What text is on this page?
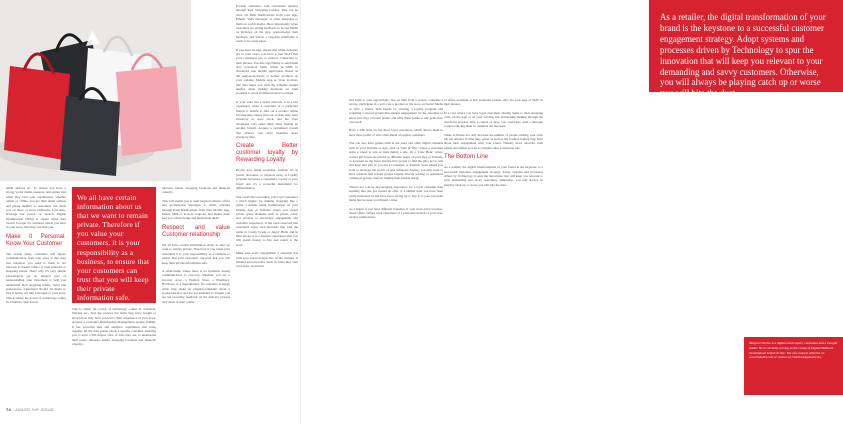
email address etc. To ensure you have a strong Social media presence and ensure that when they visit your organisation, whether online or offline, you get their email address and phone number so customers can reach you on these or those platforms. Lets Also, leverage the power of Search Engine Optimisation (SEO) to ensure when they Search 'Google' for solutions which you have in your store, then they can find you.

Make it Personal. Know Your Customer

The reason many customers will ignore communication from your store is that they feel whatever you send to them is not relevant. It doesn't reflect or their interests or shopping habits. That's why it's very simple (Automated) yet an integral part of understanding your customers to help you understand their shopping habits, tastes and preferences. Customers should be made to feel at home, not like a stranger to your store. This is where the power of technology comes in. Chatbots, WeChat etc.

We all have certain information about us that we want to remain private. Therefore if you value your customers, it is your responsibility as a business, to ensure that your customers can trust that you will keep their private information safe.

This is where the power of technology comes in. Chatbots, WeChat etc., then the reviews the items they have bought or shown how they have reacted to their experience in your store. Acquire a Customer Relationship Management system (CRM). It has powerful data and analytics capabilities that bring together all the data points about a specific customer enabling you to have a 360 degree view of who they are, to understand their tastes, interests, habits, shopping locations and financial capacity.

interests, habits, shopping locations and financial capacity.

This will enable you to send targeted adverts, offers and promotional messages to them, whether through Push Notifications from Your Mobile App, Email, SMS or in-store coupons, that makes them feel you acknowledge and understand them.

Respect and value Customer relationship

We all have certain information about us that we want to remain private. Therefore if you value your customers it is your responsibility as a business to ensure that your customers can trust that you will keep their private information safe.

A relationship where there is no feedback during communication is one-way. Whether you are a Grocery store, a Fashion Store, a Pharmacy, Hardware or a Supermarket. No customer is happy when they make an enquiry/complaint about a product/service and are not attended to. Ensure you are not receiving feedback on the delivery process and status of their orders.

Provide customers with convenient updates through their Shopping Journey. This can be done via Push Notifications from your App, Emails, SMS messages or other messages to them on social media. More importantly when customers are giving feedback on Social Media on Reviews on the App, acknowledge their feedback and follow a response timeframe it needs to be acted upon.

If you have an App, ensure that when customer get to your store, you have a free Wi-Fi that your customers use to interact connection to their phones. Use this opportunity to send them Any download items online in SMS to download your mobile application. Based on the use(Geolocation) to deliver products on your website, Mobile App or Store location, this data helps you with the valuable insight needed when making decisions on what products to stock in different store locations.

If your store has a brand network, it is a bad experience when a customer of a particular branch is unable to find out a product online because they cannot find out on their they were inventory so store stock, and the store attendants can't assist them when finding an another branch. Acquire a centralised system that ensures your store branches share inventory data.

Create Better customer loyalty by Rewarding Loyalty

People love being rewarded, whether it's in points, discounts, or physical swag. A Loyalty program increases a customer's loyalty to your brand and it's a powerful instrument for differentiation.

You could also rewarding your loyal customers a much higher for making shopping like a game. Consider using Gamification on your Mobile App or Website where you award points, game elements such as points, coins, and rewards to encourage engagement and customer experience. It has been observed that customers enjoy such Rewards like with the game of Candy Crush or Angry Birds and in their phone; it is a fantastic experience that you will spend money to buy and return to the store.

Make sure every engagement a customer has with your brand irrespective of the channel, is marked and rewarded. Such as when they visit your store, download

74 AMLED SIP ISSUE
As a retailer, the digital transformation of your brand is the keystone to a successful customer engagement strategy. Adopt systems and processes driven by Technology to spur the innovation that will keep you relevant to your demanding and savvy customers. Otherwise, you will always be playing catch up or worse you will bite the dust.

and login to your app/website, buy an item from a review, complete a survey, participate in a poll, rate a product or the store on Social Media or refer a friend. This begins by creating a loyalty program and acquiring a reward system that ensures engagement for the customer to know how they can earn points, and what these points or any gems they can reach.

Have a VIP level for the most loyal customers, which allows them to have more points of who often ahead of regular customers.

You can also have games built in the store and other digital channels such as your Website or App, such as 'Spin & Win', where a customer spins a wheel to win an item during a sale. Or a 'Claw Hunt', where certain gift boxes are placed on different pages on your App or Website, or locations in the Store and the first people to find the gifts get to win and keep that gift. If you are a Cosmetics or Fashion Store where you want to leverage the power of peer influence buying, you may want to have sessions that reward groups buying directly leading to customers coming in groups, thereby tripling their friends doing.

There's not a more discouraging experience for a loyal customer than learning that just got treated an offer of a similar item you have been really interested in and have been saving up to buy it or your favourite items just because you missed a time.

As a brand, if you have different branches of your store, have location-based offers. Where loyal customers of a particular branch of your store receive notifications

of offers available at that particular branch only, via your App or SMS on their phones.

In a case where you have loyal customers sharing items to their shopping carts, on the App or on your website, but abandoning making through the check-out process, after a couple of days, you could also send a discount coupon enticing them to complete the purchase.

These activities not only increase the number of people visiting your store but the amount of time they spend as well as the positive feeling they have about their engagement with your brand. Thereby more referrals, both online and offline as well as a higher sales conversion rate.

The Bottom Line

As a retailer, the digital transformation of your brand is the keystone to a successful customer engagement strategy. Adopt systems and processes driven by Technology to spur the innovation that will keep you relevant to your demanding and savvy customers. Otherwise, you will always be playing catch up or worse you will bite the dust.

Morgan Charles is a digital retail expert, consultant and a thought leader. He is currently serving as the Group of Digital Media at omnichannel brand service. You can connect with him on www.linkedin.com or contact at CharlesA@gmail.com.
